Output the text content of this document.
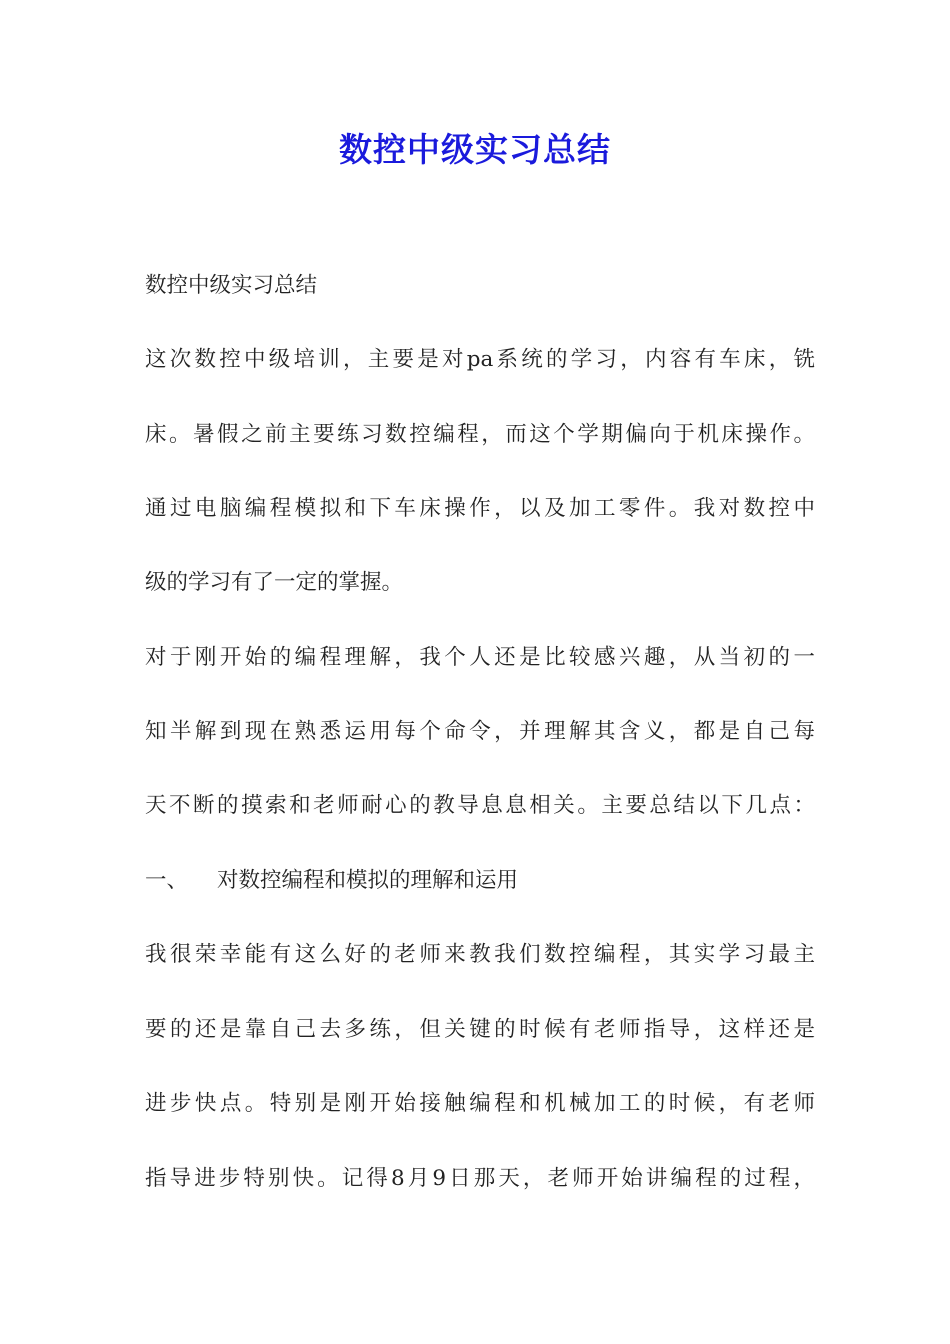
数控中级实习总结
数控中级实习总结
这次数控中级培训，主要是对pa系统的学习，内容有车床，铣
床。暑假之前主要练习数控编程，而这个学期偏向于机床操作。
通过电脑编程模拟和下车床操作，以及加工零件。我对数控中
级的学习有了一定的掌握。
对于刚开始的编程理解，我个人还是比较感兴趣，从当初的一
知半解到现在熟悉运用每个命令，并理解其含义，都是自己每
天不断的摸索和老师耐心的教导息息相关。主要总结以下几点：
一、 对数控编程和模拟的理解和运用
我很荣幸能有这么好的老师来教我们数控编程，其实学习最主
要的还是靠自己去多练，但关键的时候有老师指导，这样还是
进步快点。特别是刚开始接触编程和机械加工的时候，有老师
指导进步特别快。记得8月9日那天，老师开始讲编程的过程，
